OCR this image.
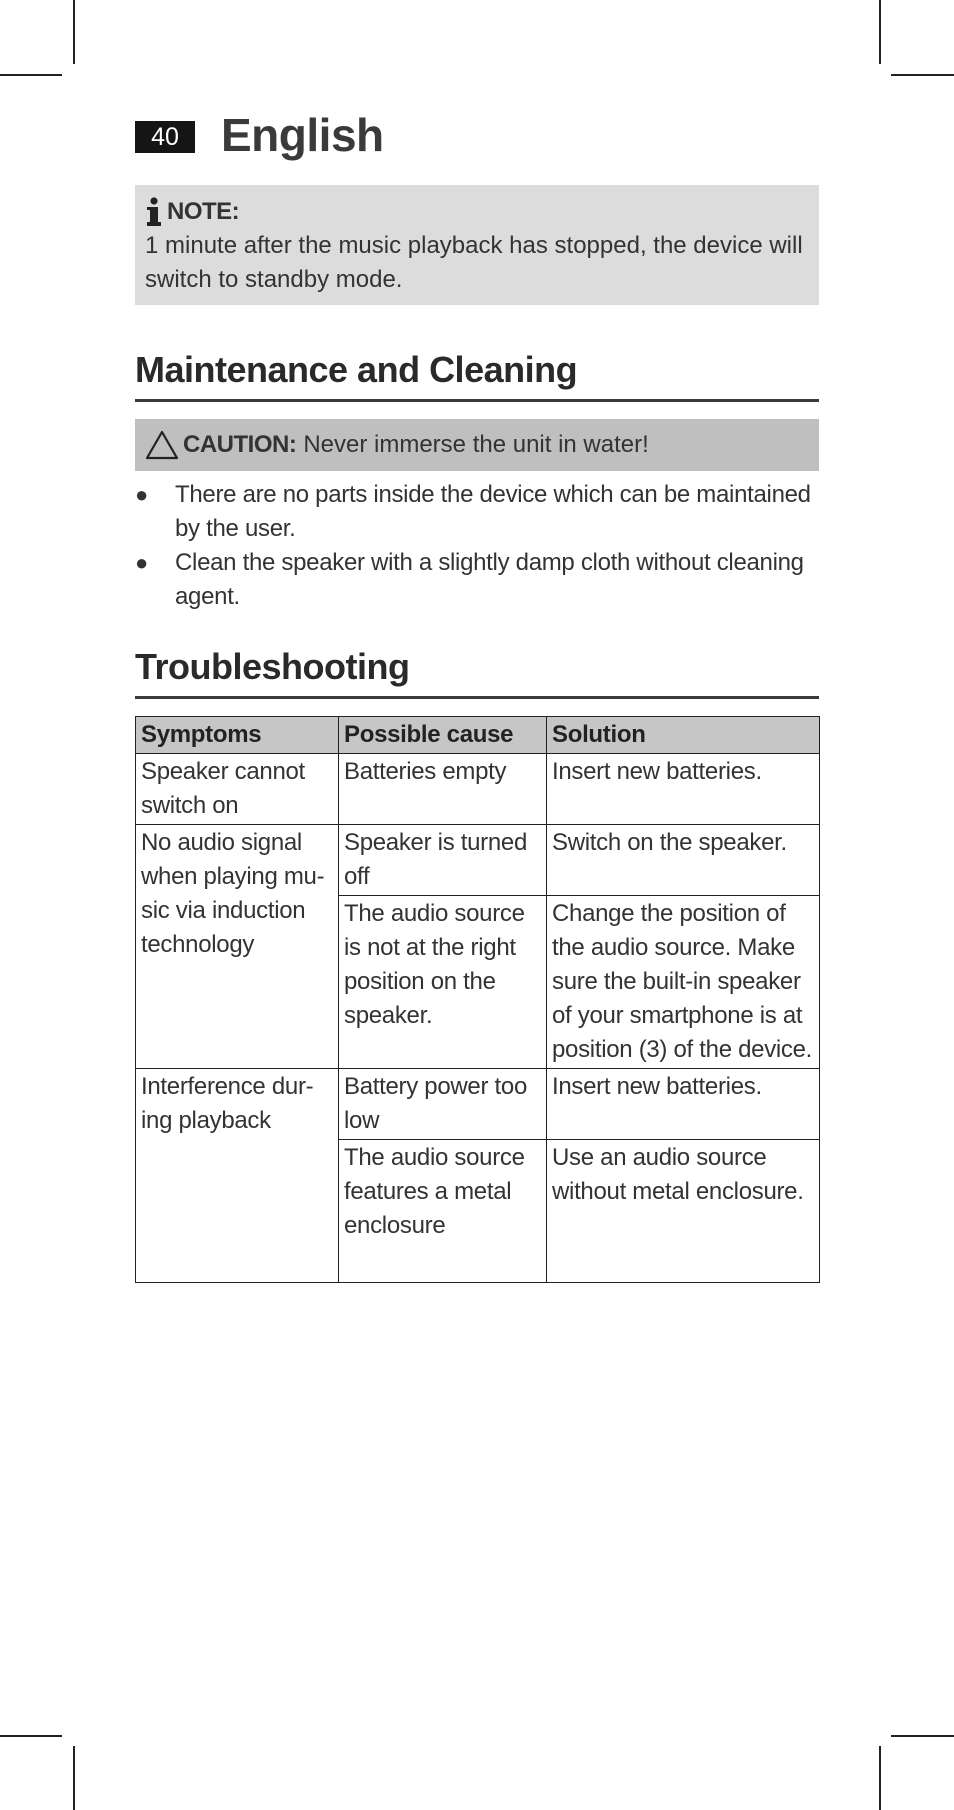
40 English
NOTE:
1 minute after the music playback has stopped, the device will switch to standby mode.
Maintenance and Cleaning
CAUTION: Never immerse the unit in water!
● There are no parts inside the device which can be maintained by the user.
● Clean the speaker with a slightly damp cloth without cleaning agent.
Troubleshooting
Symptoms	Possible cause	Solution
Speaker cannot switch on	Batteries empty	Insert new batteries.
No audio signal when playing mu-sic via induction technology	Speaker is turned off	Switch on the speaker.
	The audio source is not at the right position on the speaker.	Change the position of the audio source. Make sure the built-in speaker of your smartphone is at position (3) of the device.
Interference dur-ing playback	Battery power too low	Insert new batteries.
	The audio source features a metal enclosure	Use an audio source without metal enclosure.
